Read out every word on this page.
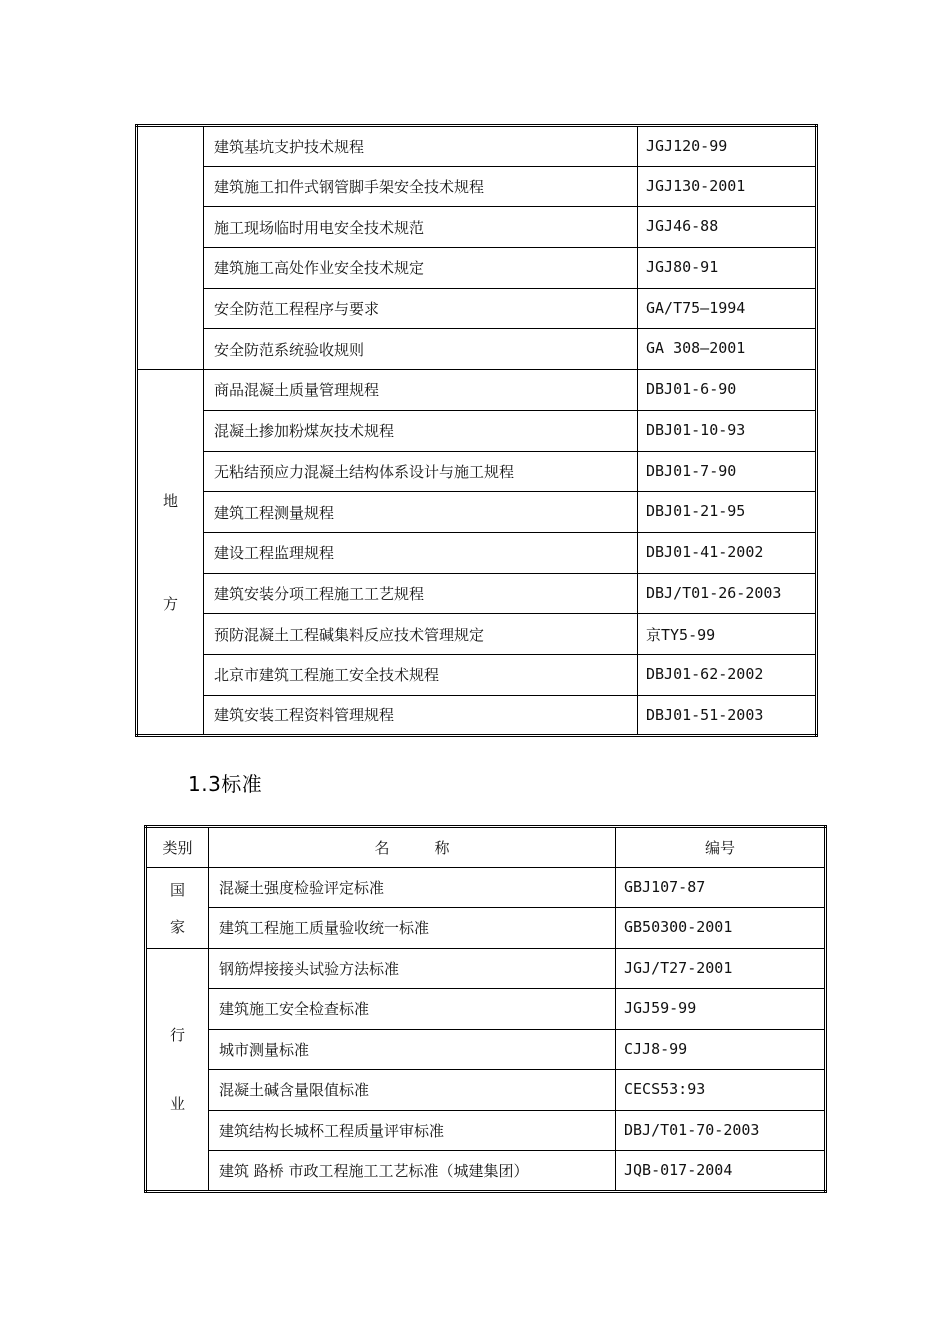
	建筑基坑支护技术规程	JGJ120-99
	建筑施工扣件式钢管脚手架安全技术规程	JGJ130-2001
	施工现场临时用电安全技术规范	JGJ46-88
	建筑施工高处作业安全技术规定	JGJ80-91
	安全防范工程程序与要求	GA/T75—1994
	安全防范系统验收规则	GA 308—2001

地
方	商品混凝土质量管理规程	DBJ01-6-90
	混凝土掺加粉煤灰技术规程	DBJ01-10-93
	无粘结预应力混凝土结构体系设计与施工规程	DBJ01-7-90
	建筑工程测量规程	DBJ01-21-95
	建设工程监理规程	DBJ01-41-2002
	建筑安装分项工程施工工艺规程	DBJ/T01-26-2003
	预防混凝土工程碱集料反应技术管理规定	京TY5-99
	北京市建筑工程施工安全技术规程	DBJ01-62-2002
	建筑安装工程资料管理规程	DBJ01-51-2003
1.3标准
类别	名　　　称	编号

国
家	混凝土强度检验评定标准	GBJ107-87
	建筑工程施工质量验收统一标准	GB50300-2001

行
业	钢筋焊接接头试验方法标准	JGJ/T27-2001
	建筑施工安全检查标准	JGJ59-99
	城市测量标准	CJJ8-99
	混凝土碱含量限值标准	CECS53:93
	建筑结构长城杯工程质量评审标准	DBJ/T01-70-2003
	建筑 路桥 市政工程施工工艺标准（城建集团）	JQB-017-2004
